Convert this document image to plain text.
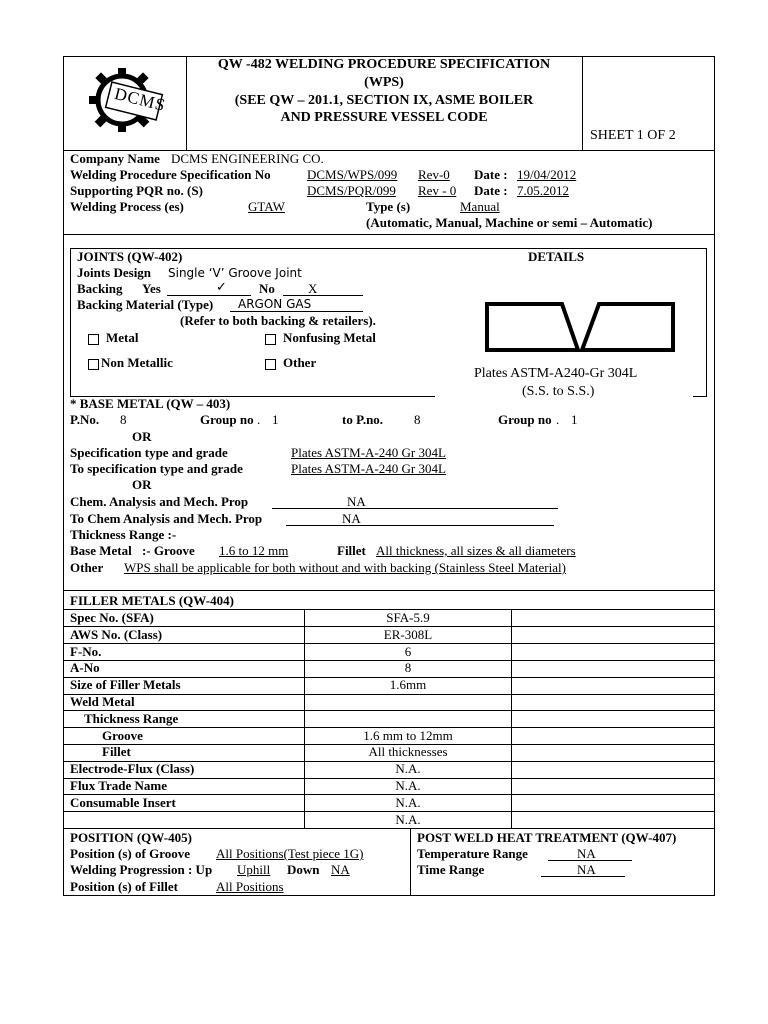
DCMS
QW -482 WELDING PROCEDURE SPECIFICATION
(WPS)
(SEE QW – 201.1, SECTION IX, ASME BOILER
AND PRESSURE VESSEL CODE
SHEET 1 OF 2
Company Name DCMS ENGINEERING CO.
Welding Procedure Specification No	DCMS/WPS/099 Rev-0 Date : 19/04/2012
Supporting PQR no. (S)	DCMS/PQR/099 Rev - 0 Date : 7.05.2012
Welding Process (es)	GTAW	Type (s)	Manual
(Automatic, Manual, Machine or semi – Automatic)
JOINTS (QW-402)	DETAILS
Joints Design Single ‘V’ Groove Joint
Backing Yes	✓ No	X
Backing Material (Type) ARGON GAS
(Refer to both backing & retailers).
Metal	Nonfusing Metal
Non Metallic	Other
Plates ASTM-A240-Gr 304L
(S.S. to S.S.)
* BASE METAL (QW – 403)
P.No. 8	Group no . 1	to P.no. 8	Group no . 1
OR
Specification type and grade	Plates ASTM-A-240 Gr 304L
To specification type and grade	Plates ASTM-A-240 Gr 304L
OR
Chem. Analysis and Mech. Prop	NA
To Chem Analysis and Mech. Prop	NA
Thickness Range :-
Base Metal :- Groove 1.6 to 12 mm	Fillet All thickness, all sizes & all diameters
Other WPS shall be applicable for both without and with backing (Stainless Steel Material)
FILLER METALS (QW-404)
Spec No. (SFA)	SFA-5.9
AWS No. (Class)	ER-308L
F-No.	6
A-No	8
Size of Filler Metals	1.6mm
Weld Metal
Thickness Range
Groove	1.6 mm to 12mm
Fillet	All thicknesses
Electrode-Flux (Class)	N.A.
Flux Trade Name	N.A.
Consumable Insert	N.A.
N.A.
POSITION (QW-405)
Position (s) of Groove All Positions(Test piece 1G)
Welding Progression : Up Uphill Down NA
Position (s) of Fillet	All Positions
POST WELD HEAT TREATMENT (QW-407)
Temperature Range	NA
Time Range	NA
